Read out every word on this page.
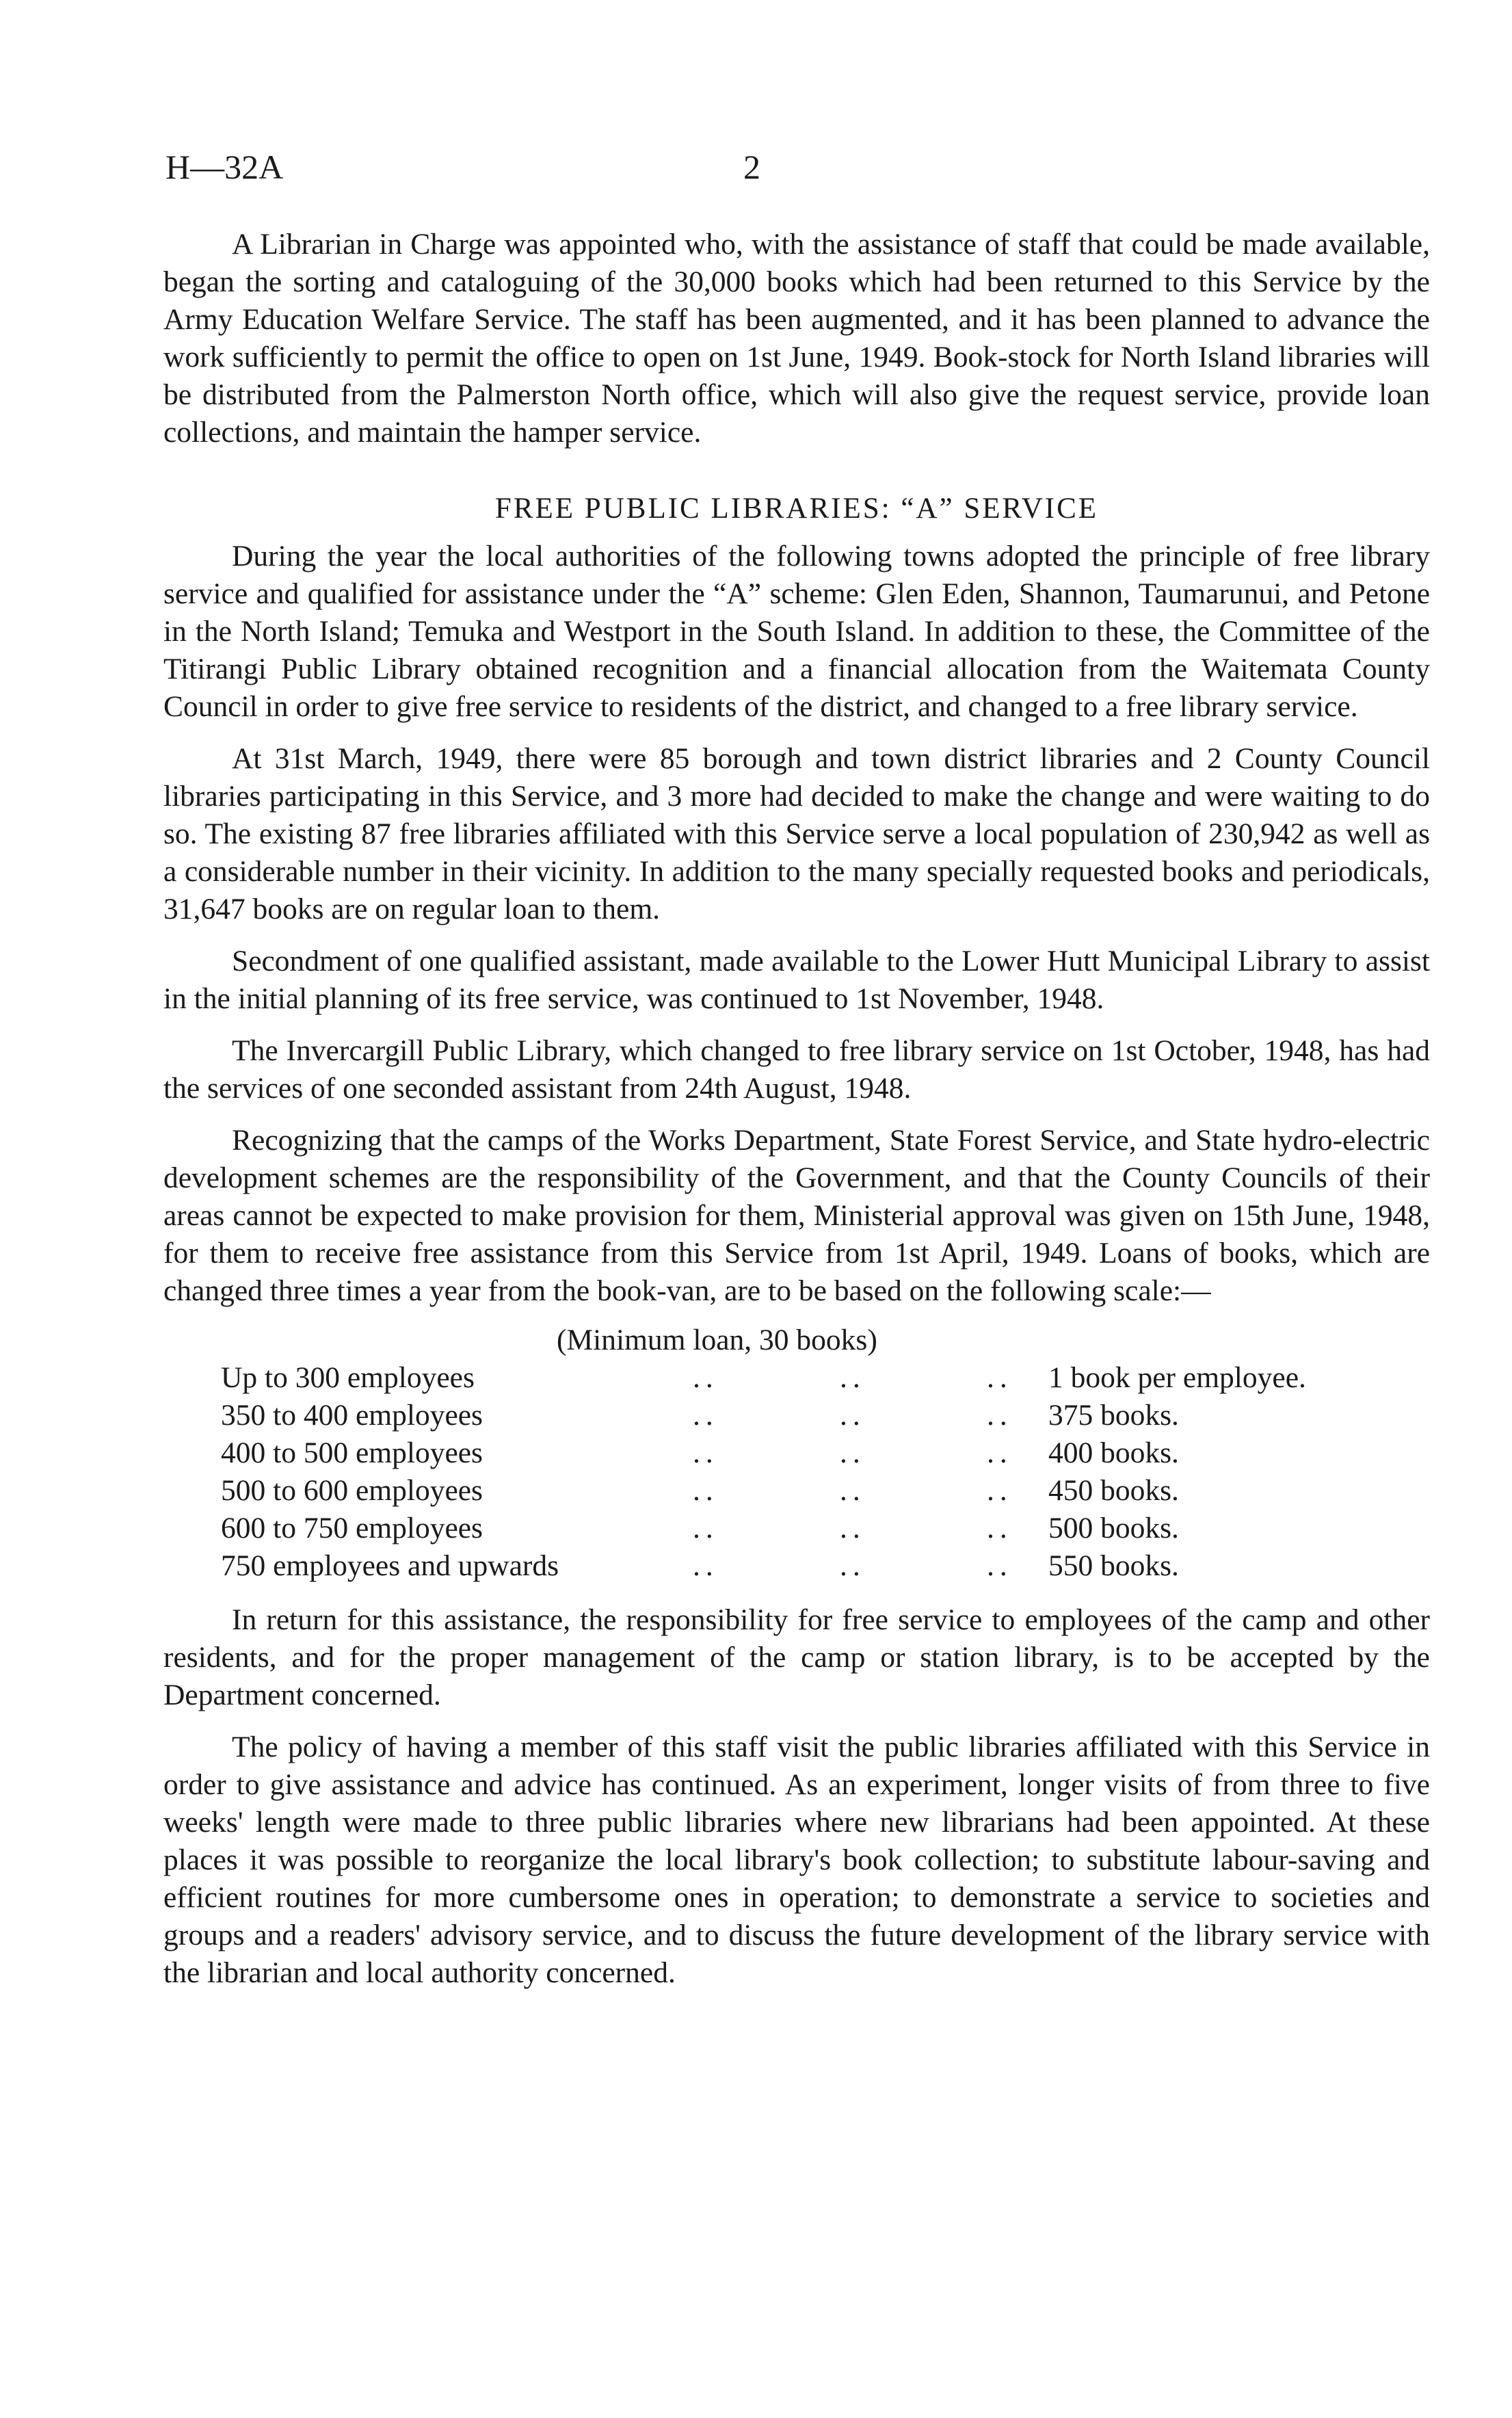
H—32A	2

A Librarian in Charge was appointed who, with the assistance of staff that could be made available, began the sorting and cataloguing of the 30,000 books which had been returned to this Service by the Army Education Welfare Service. The staff has been augmented, and it has been planned to advance the work sufficiently to permit the office to open on 1st June, 1949. Book-stock for North Island libraries will be distributed from the Palmerston North office, which will also give the request service, provide loan collections, and maintain the hamper service.

FREE PUBLIC LIBRARIES: “A” SERVICE

During the year the local authorities of the following towns adopted the principle of free library service and qualified for assistance under the “A” scheme: Glen Eden, Shannon, Taumarunui, and Petone in the North Island; Temuka and Westport in the South Island. In addition to these, the Committee of the Titirangi Public Library obtained recognition and a financial allocation from the Waitemata County Council in order to give free service to residents of the district, and changed to a free library service.

At 31st March, 1949, there were 85 borough and town district libraries and 2 County Council libraries participating in this Service, and 3 more had decided to make the change and were waiting to do so. The existing 87 free libraries affiliated with this Service serve a local population of 230,942 as well as a considerable number in their vicinity. In addition to the many specially requested books and periodicals, 31,647 books are on regular loan to them.

Secondment of one qualified assistant, made available to the Lower Hutt Municipal Library to assist in the initial planning of its free service, was continued to 1st November, 1948.

The Invercargill Public Library, which changed to free library service on 1st October, 1948, has had the services of one seconded assistant from 24th August, 1948.

Recognizing that the camps of the Works Department, State Forest Service, and State hydro-electric development schemes are the responsibility of the Government, and that the County Councils of their areas cannot be expected to make provision for them, Ministerial approval was given on 15th June, 1948, for them to receive free assistance from this Service from 1st April, 1949. Loans of books, which are changed three times a year from the book-van, are to be based on the following scale:—

(Minimum loan, 30 books)
Up to 300 employees	..	..	..	1 book per employee.
350 to 400 employees	..	..	..	375 books.
400 to 500 employees	..	..	..	400 books.
500 to 600 employees	..	..	..	450 books.
600 to 750 employees	..	..	..	500 books.
750 employees and upwards	..	..	..	550 books.

In return for this assistance, the responsibility for free service to employees of the camp and other residents, and for the proper management of the camp or station library, is to be accepted by the Department concerned.

The policy of having a member of this staff visit the public libraries affiliated with this Service in order to give assistance and advice has continued. As an experiment, longer visits of from three to five weeks' length were made to three public libraries where new librarians had been appointed. At these places it was possible to reorganize the local library's book collection; to substitute labour-saving and efficient routines for more cumbersome ones in operation; to demonstrate a service to societies and groups and a readers' advisory service, and to discuss the future development of the library service with the librarian and local authority concerned.
